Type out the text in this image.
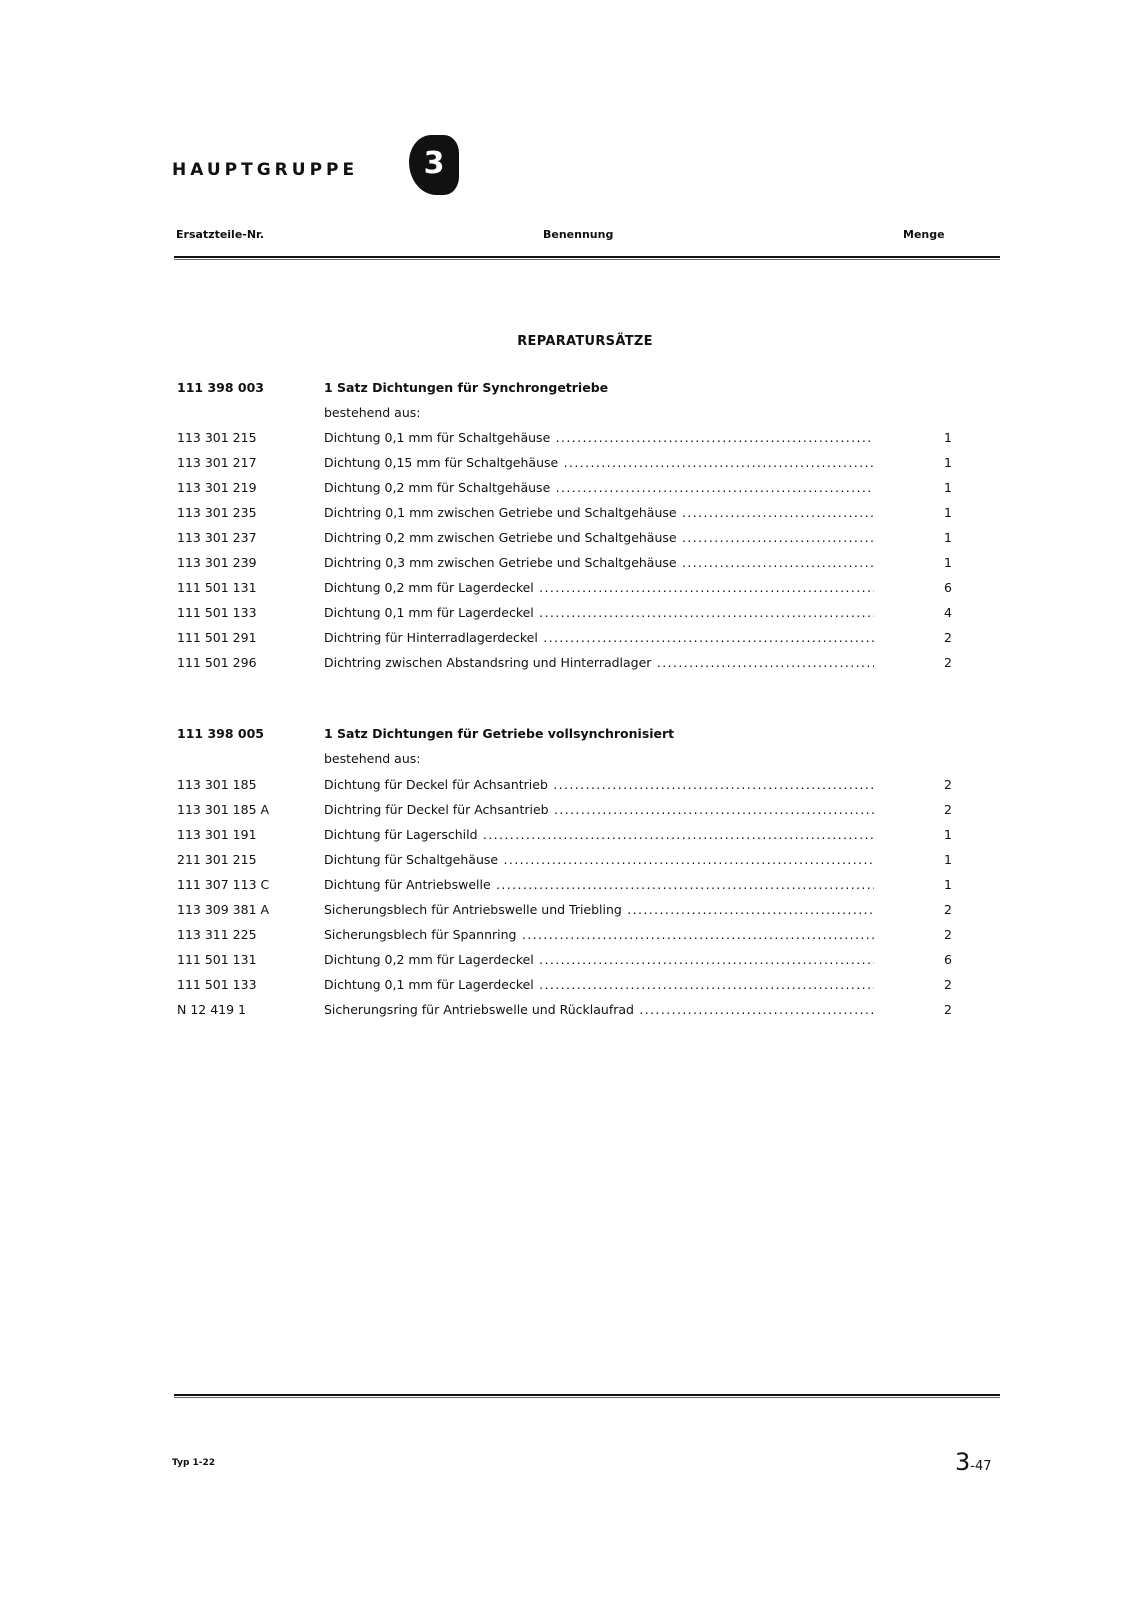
HAUPTGRUPPE	3
Ersatzteile-Nr.	Benennung	Menge
REPARATURSÄTZE
111 398 003	1 Satz Dichtungen für Synchrongetriebe
bestehend aus:
113 301 215	Dichtung 0,1 mm für Schaltgehäuse .....	1
113 301 217	Dichtung 0,15 mm für Schaltgehäuse .....	1
113 301 219	Dichtung 0,2 mm für Schaltgehäuse .....	1
113 301 235	Dichtring 0,1 mm zwischen Getriebe und Schaltgehäuse .....	1
113 301 237	Dichtring 0,2 mm zwischen Getriebe und Schaltgehäuse .....	1
113 301 239	Dichtring 0,3 mm zwischen Getriebe und Schaltgehäuse .....	1
111 501 131	Dichtung 0,2 mm für Lagerdeckel .....	6
111 501 133	Dichtung 0,1 mm für Lagerdeckel .....	4
111 501 291	Dichtring für Hinterradlagerdeckel .....	2
111 501 296	Dichtring zwischen Abstandsring und Hinterradlager .....	2
111 398 005	1 Satz Dichtungen für Getriebe vollsynchronisiert
bestehend aus:
113 301 185	Dichtung für Deckel für Achsantrieb .....	2
113 301 185 A	Dichtring für Deckel für Achsantrieb .....	2
113 301 191	Dichtung für Lagerschild .....	1
211 301 215	Dichtung für Schaltgehäuse .....	1
111 307 113 C	Dichtung für Antriebswelle .....	1
113 309 381 A	Sicherungsblech für Antriebswelle und Triebling .....	2
113 311 225	Sicherungsblech für Spannring .....	2
111 501 131	Dichtung 0,2 mm für Lagerdeckel .....	6
111 501 133	Dichtung 0,1 mm für Lagerdeckel .....	2
N 12 419 1	Sicherungsring für Antriebswelle und Rücklaufrad .....	2
Typ 1-22	3-47
